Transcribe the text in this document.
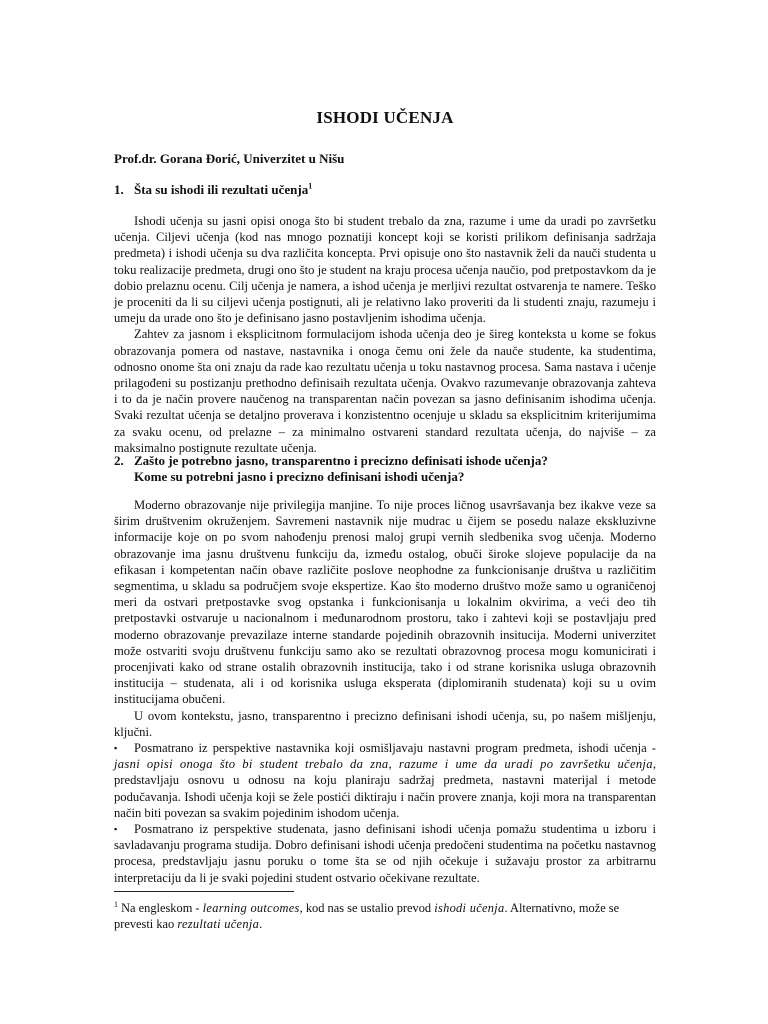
ISHODI UČENJA
Prof.dr. Gorana Đorić, Univerzitet u Nišu
1. Šta su ishodi ili rezultati učenja$^1$

Ishodi učenja su jasni opisi onoga što bi student trebalo da zna, razume i ume da uradi po završetku učenja. Ciljevi učenja (kod nas mnogo poznatiji koncept koji se koristi prilikom definisanja sadržaja predmeta) i ishodi učenja su dva različita koncepta. Prvi opisuje ono što nastavnik želi da nauči studenta u toku realizacije predmeta, drugi ono što je student na kraju procesa učenja naučio, pod pretpostavkom da je dobio prelaznu ocenu. Cilj učenja je namera, a ishod učenja je merljivi rezultat ostvarenja te namere. Teško je proceniti da li su ciljevi učenja postignuti, ali je relativno lako proveriti da li studenti znaju, razumeju i umeju da urade ono što je definisano jasno postavljenim ishodima učenja.

Zahtev za jasnom i eksplicitnom formulacijom ishoda učenja deo je šireg konteksta u kome se fokus obrazovanja pomera od nastave, nastavnika i onoga čemu oni žele da nauče studente, ka studentima, odnosno onome šta oni znaju da rade kao rezultatu učenja u toku nastavnog procesa. Sama nastava i učenje prilagođeni su postizanju prethodno definisaih rezultata učenja. Ovakvo razumevanje obrazovanja zahteva i to da je način provere naučenog na transparentan način povezan sa jasno definisanim ishodima učenja. Svaki rezultat učenja se detaljno proverava i konzistentno ocenjuje u skladu sa eksplicitnim kriterijumima za svaku ocenu, od prelazne – za minimalno ostvareni standard rezultata učenja, do najviše – za maksimalno postignute rezultate učenja.

2. Zašto je potrebno jasno, transparentno i precizno definisati ishode učenja?
Kome su potrebni jasno i precizno definisani ishodi učenja?

Moderno obrazovanje nije privilegija manjine. To nije proces ličnog usavršavanja bez ikakve veze sa širim društvenim okruženjem. Savremeni nastavnik nije mudrac u čijem se posedu nalaze ekskluzivne informacije koje on po svom nahođenju prenosi maloj grupi vernih sledbenika svog učenja. Moderno obrazovanje ima jasnu društvenu funkciju da, između ostalog, obuči široke slojeve populacije da na efikasan i kompetentan način obave različite poslove neophodne za funkcionisanje društva u različitim segmentima, u skladu sa područjem svoje ekspertize. Kao što moderno društvo može samo u ograničenoj meri da ostvari pretpostavke svog opstanka i funkcionisanja u lokalnim okvirima, a veći deo tih pretpostavki ostvaruje u nacionalnom i međunarodnom prostoru, tako i zahtevi koji se postavljaju pred moderno obrazovanje prevazilaze interne standarde pojedinih obrazovnih insitucija. Moderni univerzitet može ostvariti svoju društvenu funkciju samo ako se rezultati obrazovnog procesa mogu komunicirati i procenjivati kako od strane ostalih obrazovnih institucija, tako i od strane korisnika usluga obrazovnih institucija – studenata, ali i od korisnika usluga eksperata (diplomiranih studenata) koji su u ovim institucijama obučeni.

U ovom kontekstu, jasno, transparentno i precizno definisani ishodi učenja, su, po našem mišljenju, ključni.

▪ Posmatrano iz perspektive nastavnika koji osmišljavaju nastavni program predmeta, ishodi učenja - jasni opisi onoga što bi student trebalo da zna, razume i ume da uradi po završetku učenja, predstavljaju osnovu u odnosu na koju planiraju sadržaj predmeta, nastavni materijal i metode podučavanja. Ishodi učenja koji se žele postići diktiraju i način provere znanja, koji mora na transparentan način biti povezan sa svakim pojedinim ishodom učenja.

▪ Posmatrano iz perspektive studenata, jasno definisani ishodi učenja pomažu studentima u izboru i savladavanju programa studija. Dobro definisani ishodi učenja predočeni studentima na početku nastavnog procesa, predstavljaju jasnu poruku o tome šta se od njih očekuje i sužavaju prostor za arbitrarnu interpretaciju da li je svaki pojedini student ostvario očekivane rezultate.

$^1$ Na engleskom - learning outcomes, kod nas se ustalio prevod ishodi učenja. Alternativno, može se prevesti kao rezultati učenja.
